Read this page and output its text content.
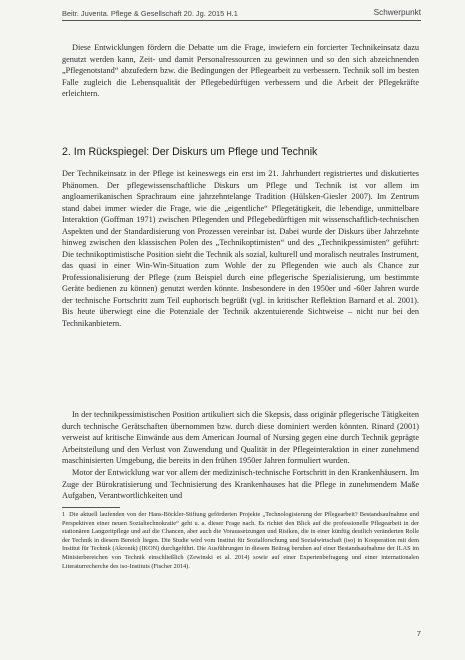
Beitr. Juventa. Pflege & Gesellschaft 20. Jg. 2015 H.1	Schwerpunkt

Diese Entwicklungen fördern die Debatte um die Frage, inwiefern ein forcierter Technikeinsatz dazu genutzt werden kann, Zeit- und damit Personalressourcen zu gewinnen und so den sich abzeichnenden „Pflegenotstand“ abzufedern bzw. die Bedingungen der Pflegearbeit zu verbessern. Technik soll im besten Falle zugleich die Lebensqualität der Pflegebedürftigen verbessern und die Arbeit der Pflegekräfte erleichtern.

2. Im Rückspiegel: Der Diskurs um Pflege und Technik

Der Technikeinsatz in der Pflege ist keineswegs ein erst im 21. Jahrhundert registriertes und diskutiertes Phänomen. Der pflegewissenschaftliche Diskurs um Pflege und Technik ist vor allem im angloamerikanischen Sprachraum eine jahrzehntelange Tradition (Hülsken-Giesler 2007). Im Zentrum stand dabei immer wieder die Frage, wie die „eigentliche“ Pflegetätigkeit, die lebendige, unmittelbare Interaktion (Goffman 1971) zwischen Pflegenden und Pflegebedürftigen mit wissenschaftlich-technischen Aspekten und der Standardisierung von Prozessen vereinbar ist. Dabei wurde der Diskurs über Jahrzehnte hinweg zwischen den klassischen Polen des „Technikoptimisten“ und des „Technikpessimisten“ geführt: Die technikoptimistische Position sieht die Technik als sozial, kulturell und moralisch neutrales Instrument, das quasi in einer Win-Win-Situation zum Wohle der zu Pflegenden wie auch als Chance zur Professionalisierung der Pflege (zum Beispiel durch eine pflegerische Spezialisierung, um bestimmte Geräte bedienen zu können) genutzt werden könnte. Insbesondere in den 1950er und -60er Jahren wurde der technische Fortschritt zum Teil euphorisch begrüßt (vgl. in kritischer Reflektion Barnard et al. 2001). Bis heute überwiegt eine die Potenziale der Technik akzentuierende Sichtweise – nicht nur bei den Technikanbietern.

In der technikpessimistischen Position artikuliert sich die Skepsis, dass originär pflegerische Tätigkeiten durch technische Gerätschaften übernommen bzw. durch diese dominiert werden könnten. Rinard (2001) verweist auf kritische Einwände aus dem American Journal of Nursing gegen eine durch Technik geprägte Arbeitsteilung und den Verlust von Zuwendung und Qualität in der Pflegeinteraktion in einer zunehmend maschinisierten Umgebung, die bereits in den frühen 1950er Jahren formuliert wurden.

Motor der Entwicklung war vor allem der medizinisch-technische Fortschritt in den Krankenhäusern. Im Zuge der Bürokratisierung und Technisierung des Krankenhauses hat die Pflege in zunehmendem Maße Aufgaben, Verantwortlichkeiten und

1 Die aktuell laufenden von der Hans-Böckler-Stiftung geförderten Projekte „Technologisierung der Pflegearbeit? Bestandsaufnahme und Perspektiven einer neuen Sozialtechnokratie“ geht u. a. dieser Frage nach. Es richtet den Blick auf die professionelle Pflegearbeit in der stationären Langzeitpflege und auf die Chancen, aber auch die Voraussetzungen und Risiken, die in einer künftig deutlich veränderten Rolle der Technik in diesem Bereich liegen. Die Studie wird vom Institut für Sozialforschung und Sozialwirtschaft (iso) in Kooperation mit dem Institut für Technik (Akronik) (IKON) durchgeführt. Die Ausführungen in diesem Beitrag beruhen auf einer Bestandsaufnahme der ILAS im Ministerbereichen von Technik einschließlich (Zewinski et al. 2014) sowie auf einer Expertenbefragung und einer internationalen Literaturrecherche des iso-Instituts (Fischer 2014).

7
